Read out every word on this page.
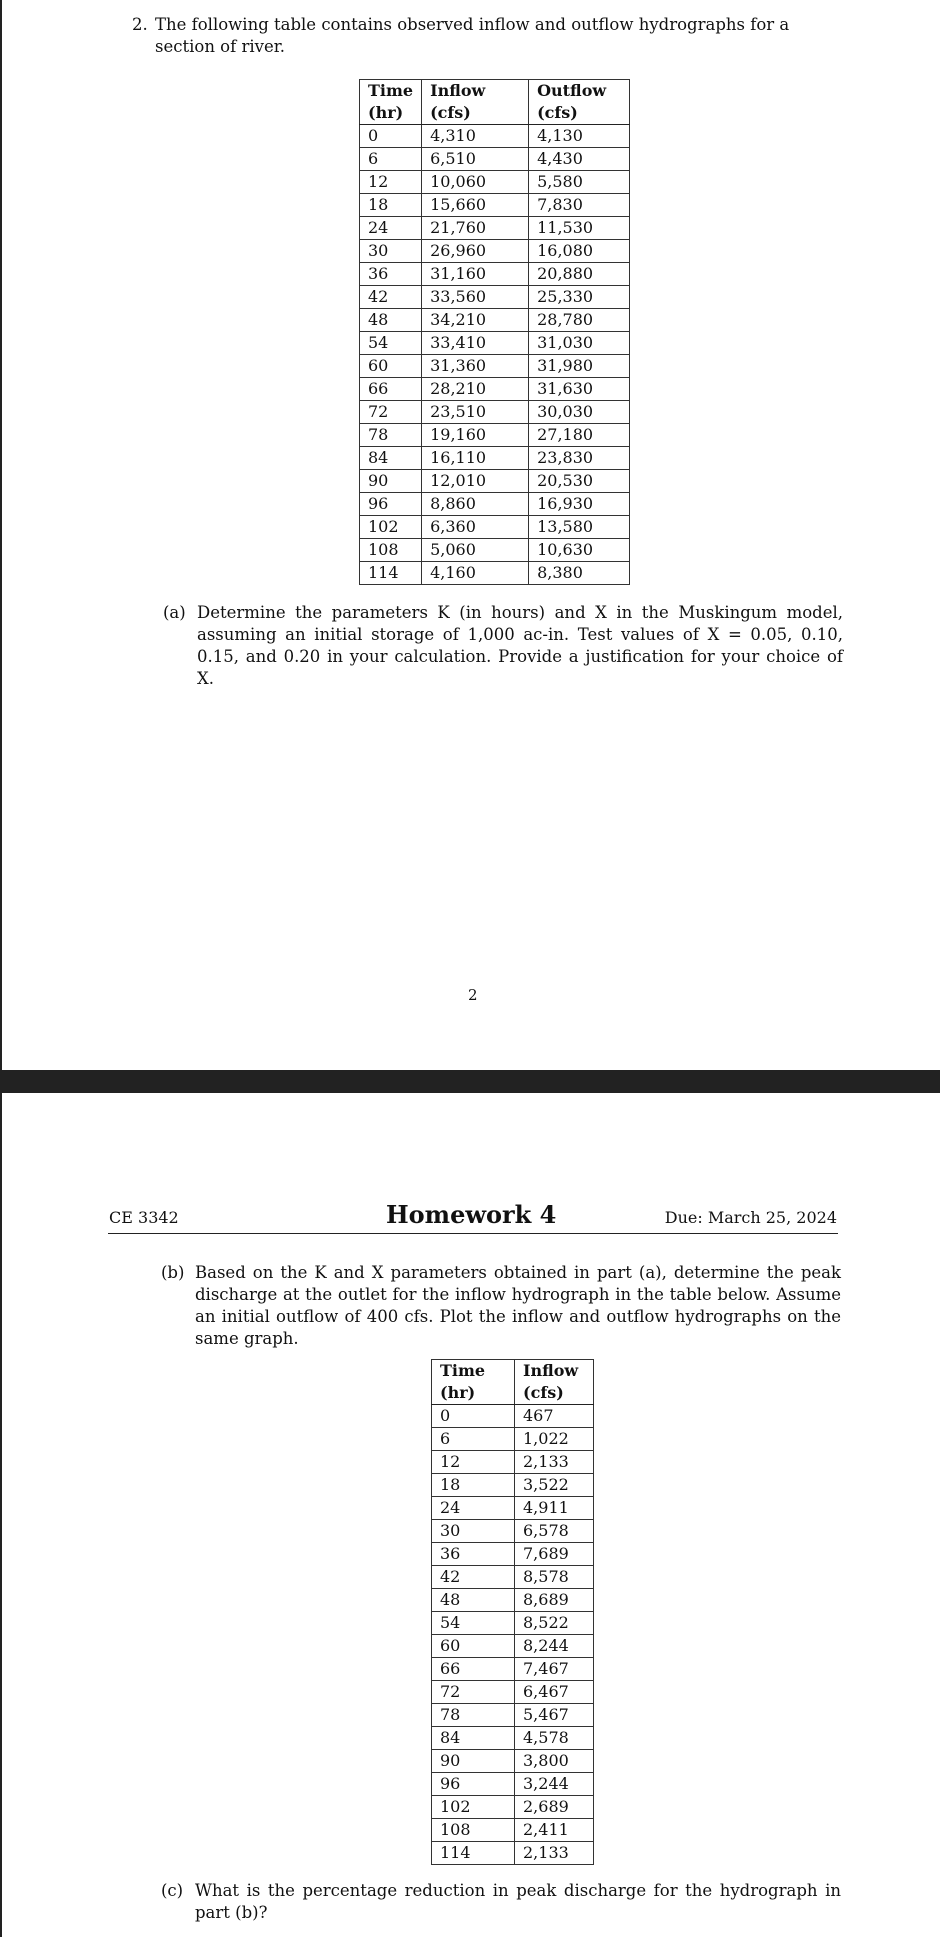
2. The following table contains observed inflow and outflow hydrographs for a section of river.
Time	Inflow	Outflow
(hr)	(cfs)	(cfs)
0	4,310	4,130
6	6,510	4,430
12	10,060	5,580
18	15,660	7,830
24	21,760	11,530
30	26,960	16,080
36	31,160	20,880
42	33,560	25,330
48	34,210	28,780
54	33,410	31,030
60	31,360	31,980
66	28,210	31,630
72	23,510	30,030
78	19,160	27,180
84	16,110	23,830
90	12,010	20,530
96	8,860	16,930
102	6,360	13,580
108	5,060	10,630
114	4,160	8,380
(a) Determine the parameters K (in hours) and X in the Muskingum model, assuming an initial storage of 1,000 ac-in. Test values of X = 0.05, 0.10, 0.15, and 0.20 in your calculation. Provide a justification for your choice of X.
2
CE 3342	Homework 4	Due: March 25, 2024
(b) Based on the K and X parameters obtained in part (a), determine the peak discharge at the outlet for the inflow hydrograph in the table below. Assume an initial outflow of 400 cfs. Plot the inflow and outflow hydrographs on the same graph.
Time	Inflow
(hr)	(cfs)
0	467
6	1,022
12	2,133
18	3,522
24	4,911
30	6,578
36	7,689
42	8,578
48	8,689
54	8,522
60	8,244
66	7,467
72	6,467
78	5,467
84	4,578
90	3,800
96	3,244
102	2,689
108	2,411
114	2,133
(c) What is the percentage reduction in peak discharge for the hydrograph in part (b)?
